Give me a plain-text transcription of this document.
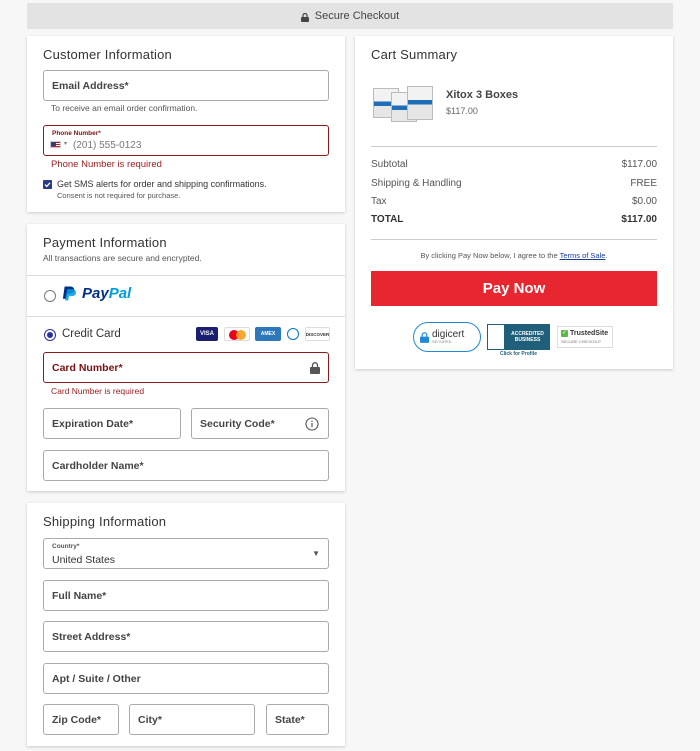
Secure Checkout
Customer Information
Email Address*
To receive an email order confirmation.
Phone Number*
▾ (201) 555-0123
Phone Number is required
Get SMS alerts for order and shipping confirmations.
Consent is not required for purchase.
Payment Information
All transactions are secure and encrypted.
PayPal
Credit Card	VISA	AMEX	DISCOVER
Card Number*
Card Number is required
Expiration Date*	Security Code*
Cardholder Name*
Shipping Information
Country*
United States
▼
Full Name*
Street Address*
Apt / Suite / Other
Zip Code*	City*	State*
Cart Summary
Xitox 3 Boxes
$117.00
Subtotal	$117.00
Shipping & Handling	FREE
Tax	$0.00
TOTAL	$117.00
By clicking Pay Now below, I agree to the Terms of Sale.
Pay Now
digicert
SECURED
ACCREDITED
BUSINESS
Click for Profile
✓ TrustedSite
SECURE CHECKOUT
